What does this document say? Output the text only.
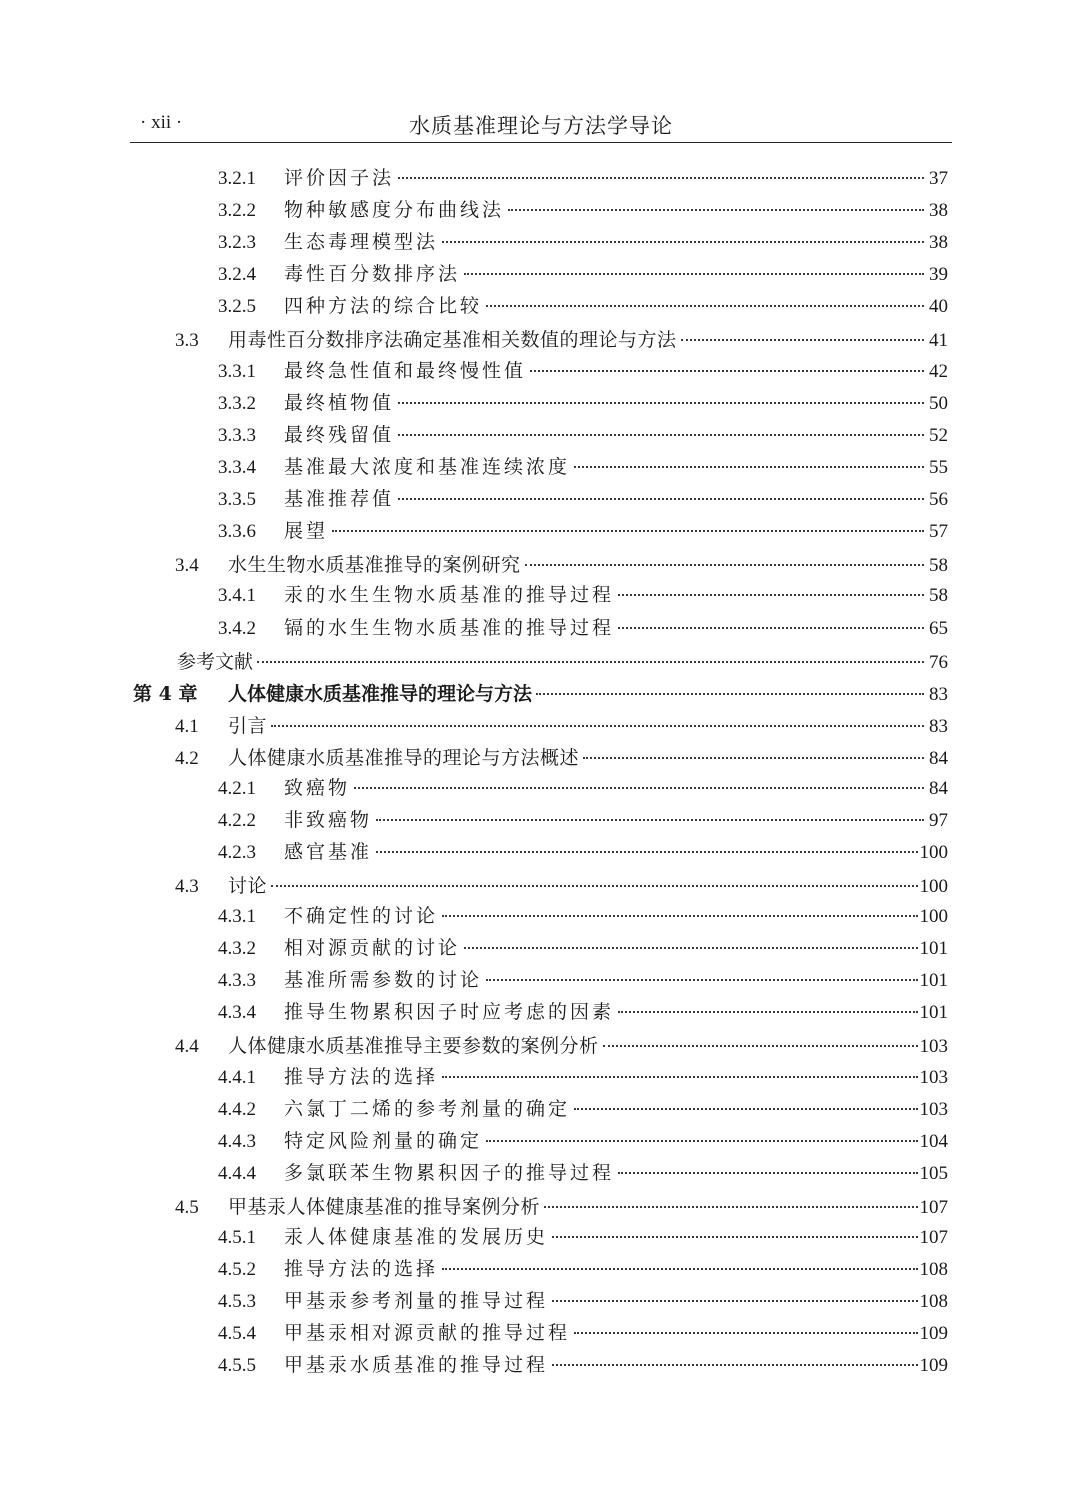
· xii ·	水质基准理论与方法学导论
3.2.1	评价因子法	37
3.2.2	物种敏感度分布曲线法	38
3.2.3	生态毒理模型法	38
3.2.4	毒性百分数排序法	39
3.2.5	四种方法的综合比较	40
3.3	用毒性百分数排序法确定基准相关数值的理论与方法	41
3.3.1	最终急性值和最终慢性值	42
3.3.2	最终植物值	50
3.3.3	最终残留值	52
3.3.4	基准最大浓度和基准连续浓度	55
3.3.5	基准推荐值	56
3.3.6	展望	57
3.4	水生生物水质基准推导的案例研究	58
3.4.1	汞的水生生物水质基准的推导过程	58
3.4.2	镉的水生生物水质基准的推导过程	65
参考文献	76
第 4 章	人体健康水质基准推导的理论与方法	83
4.1	引言	83
4.2	人体健康水质基准推导的理论与方法概述	84
4.2.1	致癌物	84
4.2.2	非致癌物	97
4.2.3	感官基准	100
4.3	讨论	100
4.3.1	不确定性的讨论	100
4.3.2	相对源贡献的讨论	101
4.3.3	基准所需参数的讨论	101
4.3.4	推导生物累积因子时应考虑的因素	101
4.4	人体健康水质基准推导主要参数的案例分析	103
4.4.1	推导方法的选择	103
4.4.2	六氯丁二烯的参考剂量的确定	103
4.4.3	特定风险剂量的确定	104
4.4.4	多氯联苯生物累积因子的推导过程	105
4.5	甲基汞人体健康基准的推导案例分析	107
4.5.1	汞人体健康基准的发展历史	107
4.5.2	推导方法的选择	108
4.5.3	甲基汞参考剂量的推导过程	108
4.5.4	甲基汞相对源贡献的推导过程	109
4.5.5	甲基汞水质基准的推导过程	109
